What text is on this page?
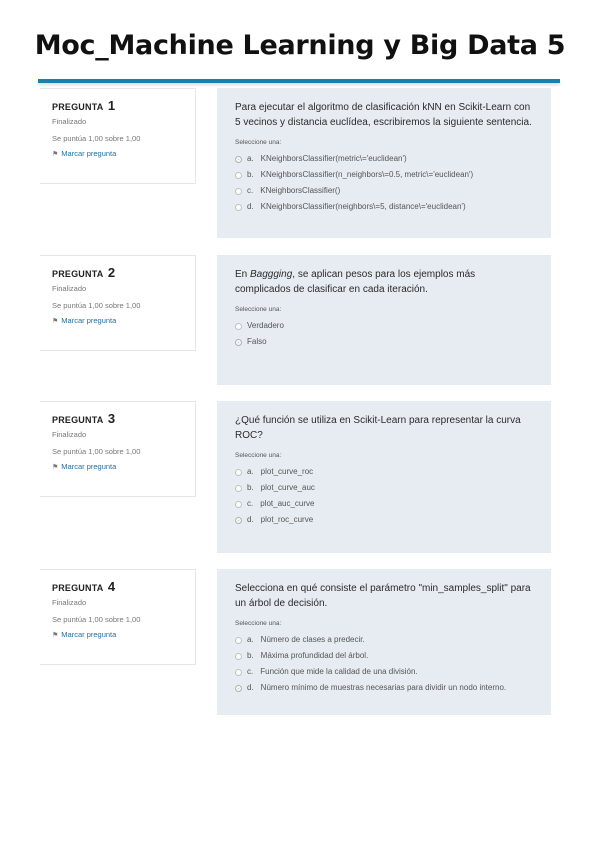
Moc_Machine Learning y Big Data 5
PREGUNTA 1
Finalizado
Se puntúa 1,00 sobre 1,00
⚑ Marcar pregunta
Para ejecutar el algoritmo de clasificación kNN en Scikit-Learn con 5 vecinos y distancia euclídea, escribiremos la siguiente sentencia.
Seleccione una:
a. KNeighborsClassifier(metric\='euclidean')
b. KNeighborsClassifier(n_neighbors\=0.5, metric\='euclidean')
c. KNeighborsClassifier()
d. KNeighborsClassifier(neighbors\=5, distance\='euclidean')
PREGUNTA 2
Finalizado
Se puntúa 1,00 sobre 1,00
⚑ Marcar pregunta
En Baggging, se aplican pesos para los ejemplos más complicados de clasificar en cada iteración.
Seleccione una:
Verdadero
Falso
PREGUNTA 3
Finalizado
Se puntúa 1,00 sobre 1,00
⚑ Marcar pregunta
¿Qué función se utiliza en Scikit-Learn para representar la curva ROC?
Seleccione una:
a. plot_curve_roc
b. plot_curve_auc
c. plot_auc_curve
d. plot_roc_curve
PREGUNTA 4
Finalizado
Se puntúa 1,00 sobre 1,00
⚑ Marcar pregunta
Selecciona en qué consiste el parámetro "min_samples_split" para un árbol de decisión.
Seleccione una:
a. Número de clases a predecir.
b. Máxima profundidad del árbol.
c. Función que mide la calidad de una división.
d. Número mínimo de muestras necesarias para dividir un nodo interno.
